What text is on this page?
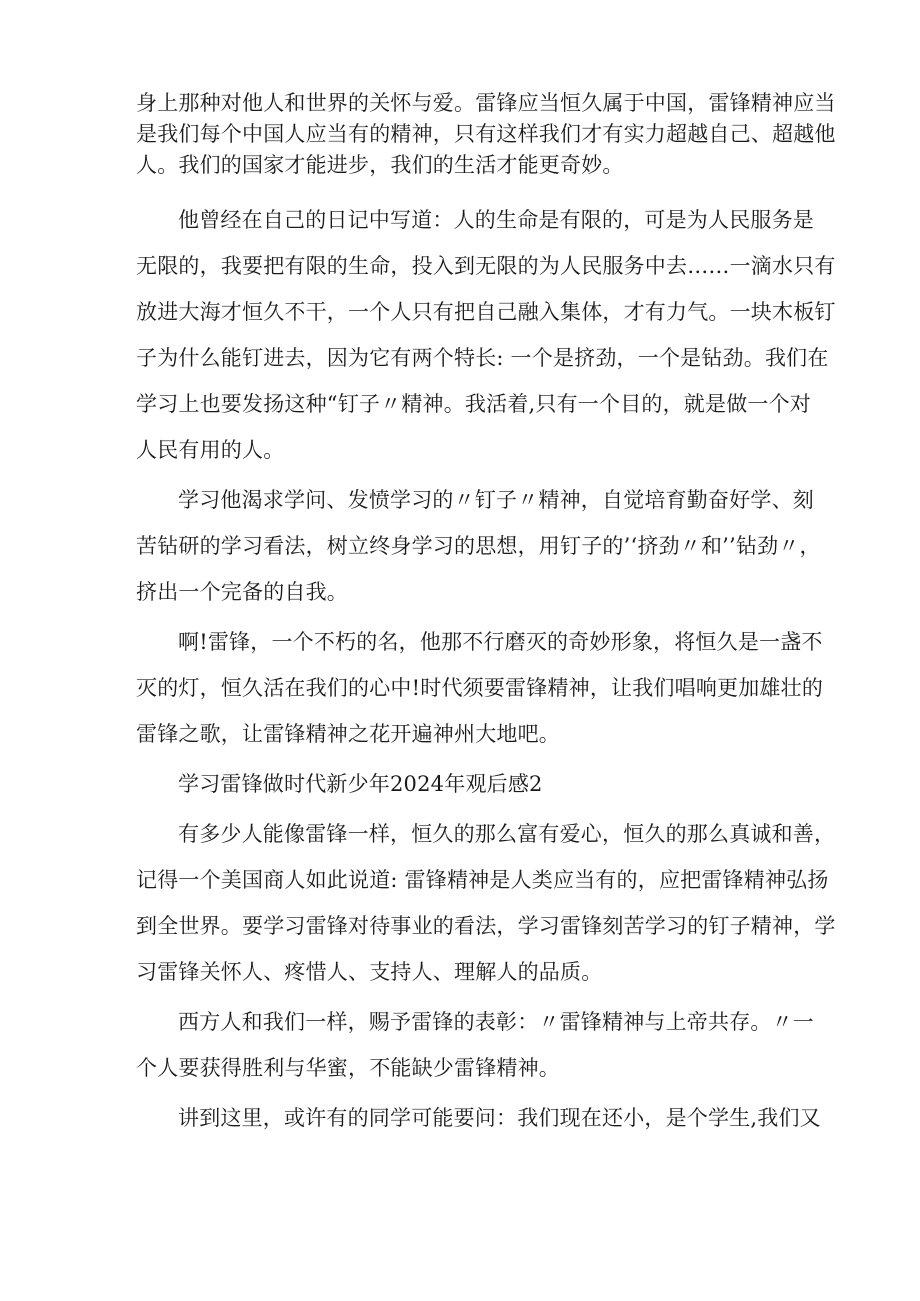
身上那种对他人和世界的关怀与爱。雷锋应当恒久属于中国，雷锋精神应当
是我们每个中国人应当有的精神，只有这样我们才有实力超越自己、超越他
人。我们的国家才能进步，我们的生活才能更奇妙。
他曾经在自己的日记中写道：人的生命是有限的，可是为人民服务是
无限的，我要把有限的生命，投入到无限的为人民服务中去……一滴水只有
放进大海才恒久不干，一个人只有把自己融入集体，才有力气。一块木板钉
子为什么能钉进去，因为它有两个特长: 一个是挤劲，一个是钻劲。我们在
学习上也要发扬这种“钉子〃精神。我活着,只有一个目的，就是做一个对
人民有用的人。
学习他渴求学问、发愤学习的〃钉子〃精神，自觉培育勤奋好学、刻
苦钻研的学习看法，树立终身学习的思想，用钉子的’‘挤劲〃和’’钻劲〃，
挤出一个完备的自我。
啊!雷锋，一个不朽的名，他那不行磨灭的奇妙形象，将恒久是一盏不
灭的灯，恒久活在我们的心中!时代须要雷锋精神，让我们唱响更加雄壮的
雷锋之歌，让雷锋精神之花开遍神州大地吧。
学习雷锋做时代新少年2024年观后感2
有多少人能像雷锋一样，恒久的那么富有爱心，恒久的那么真诚和善，
记得一个美国商人如此说道: 雷锋精神是人类应当有的，应把雷锋精神弘扬
到全世界。要学习雷锋对待事业的看法，学习雷锋刻苦学习的钉子精神，学
习雷锋关怀人、疼惜人、支持人、理解人的品质。
西方人和我们一样，赐予雷锋的表彰：〃雷锋精神与上帝共存。〃一
个人要获得胜利与华蜜，不能缺少雷锋精神。
讲到这里，或许有的同学可能要问：我们现在还小，是个学生,我们又
